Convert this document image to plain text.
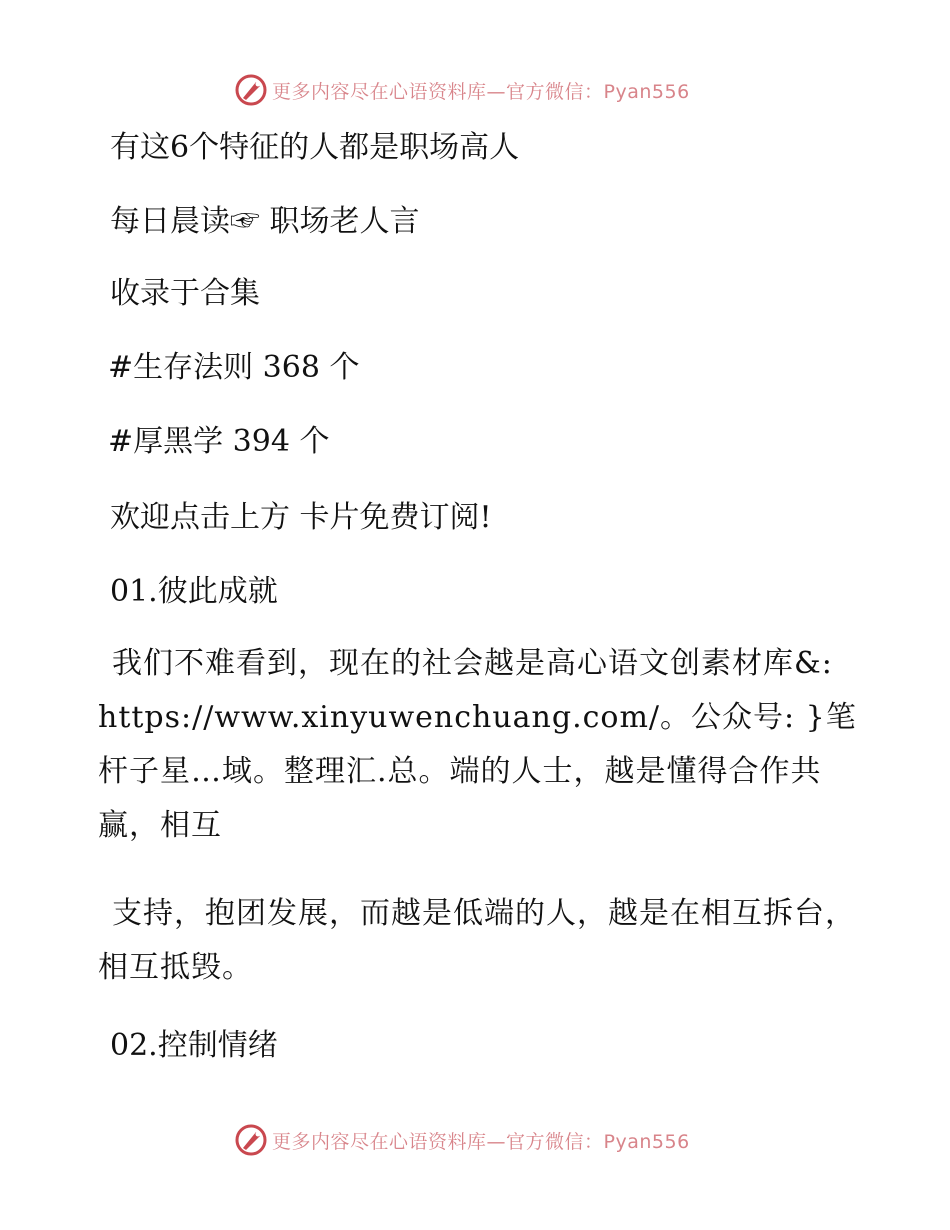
更多内容尽在心语资料库—官方微信：Pyan556
有这6个特征的人都是职场高人
每日晨读☞ 职场老人言
收录于合集
#生存法则 368 个
#厚黑学 394 个
欢迎点击上方 卡片免费订阅!
01.彼此成就
我们不难看到，现在的社会越是高心语文创素材库&: https://www.xinyuwenchuang.com/。公众号: }笔杆子星…域。整理汇.总。端的人士，越是懂得合作共赢，相互
支持，抱团发展，而越是低端的人，越是在相互拆台，相互抵毁。
02.控制情绪
更多内容尽在心语资料库—官方微信：Pyan556
